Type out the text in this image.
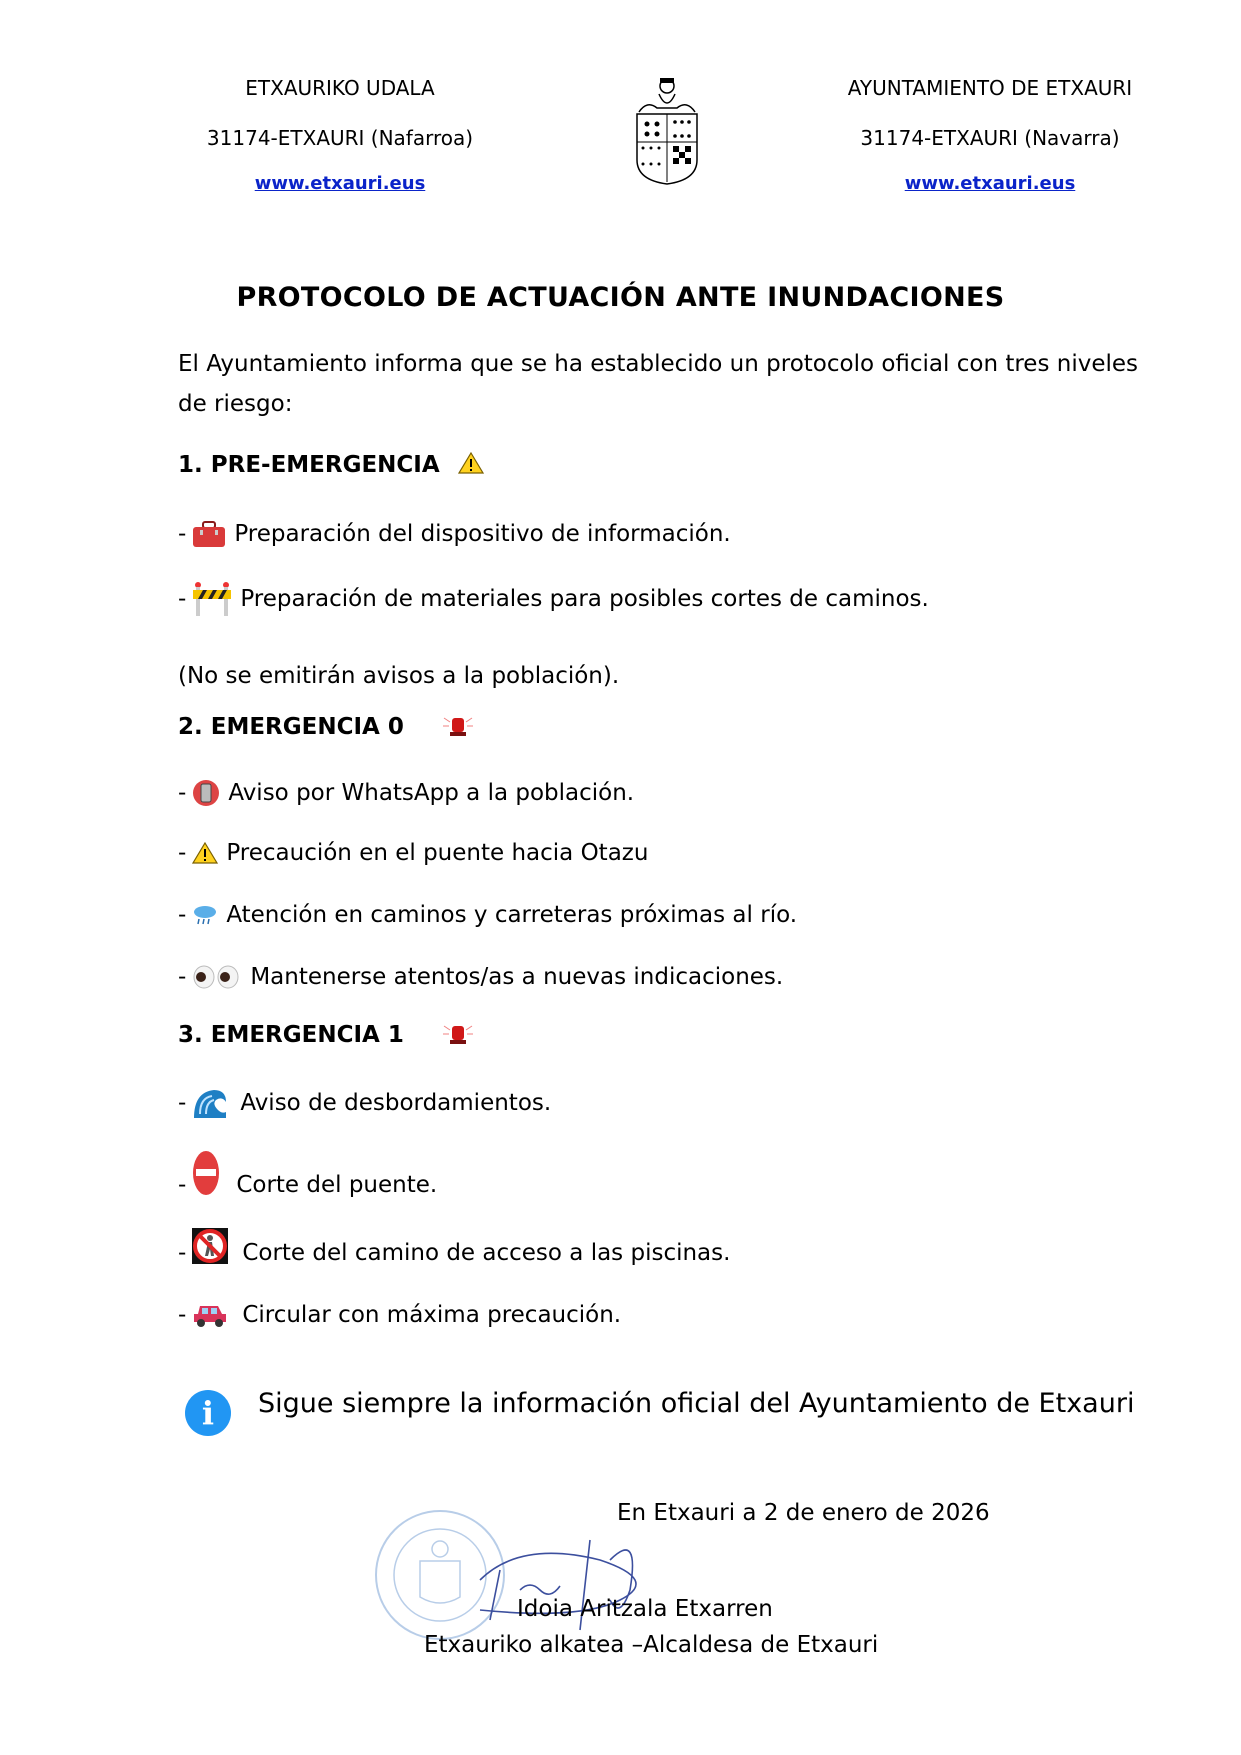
ETXAURIKO UDALA
31174-ETXAURI (Nafarroa)
www.etxauri.eus
AYUNTAMIENTO DE ETXAURI
31174-ETXAURI (Navarra)
www.etxauri.eus
PROTOCOLO DE ACTUACIÓN ANTE INUNDACIONES
El Ayuntamiento informa que se ha establecido un protocolo oficial con tres niveles
de riesgo:
1. PRE-EMERGENCIA
- Preparación del dispositivo de información.
- Preparación de materiales para posibles cortes de caminos.
(No se emitirán avisos a la población).
2. EMERGENCIA 0
- Aviso por WhatsApp a la población.
- Precaución en el puente hacia Otazu
- Atención en caminos y carreteras próximas al río.
-	Mantenerse atentos/as a nuevas indicaciones.
3. EMERGENCIA 1
- Aviso de desbordamientos.
- Corte del puente.
- Corte del camino de acceso a las piscinas.
- Circular con máxima precaución.
i	Sigue siempre la información oficial del Ayuntamiento de Etxauri
En Etxauri a 2 de enero de 2026
Idoia Aritzala Etxarren
Etxauriko alkatea –Alcaldesa de Etxauri
